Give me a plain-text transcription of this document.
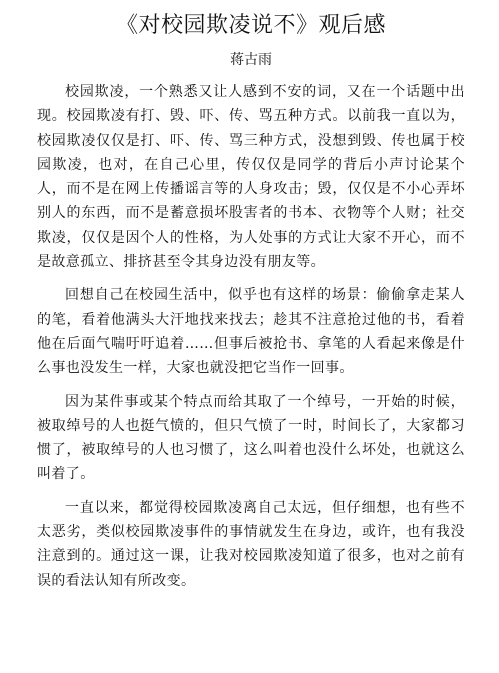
《对校园欺凌说不》观后感
蒋古雨

校园欺凌，一个熟悉又让人感到不安的词，又在一个话题中出现。校园欺凌有打、毁、吓、传、骂五种方式。以前我一直以为，校园欺凌仅仅是打、吓、传、骂三种方式，没想到毁、传也属于校园欺凌，也对，在自己心里，传仅仅是同学的背后小声讨论某个人，而不是在网上传播谣言等的人身攻击；毁，仅仅是不小心弄坏别人的东西，而不是蓄意损坏股害者的书本、衣物等个人财；社交欺凌，仅仅是因个人的性格，为人处事的方式让大家不开心，而不是故意孤立、排挤甚至令其身边没有朋友等。

回想自己在校园生活中，似乎也有这样的场景：偷偷拿走某人的笔，看着他满头大汗地找来找去；趁其不注意抢过他的书，看着他在后面气喘吁吁追着……但事后被抢书、拿笔的人看起来像是什么事也没发生一样，大家也就没把它当作一回事。

因为某件事或某个特点而给其取了一个绰号，一开始的时候，被取绰号的人也挺气愤的，但只气愤了一时，时间长了，大家都习惯了，被取绰号的人也习惯了，这么叫着也没什么坏处，也就这么叫着了。

一直以来，都觉得校园欺凌离自己太远，但仔细想，也有些不太恶劣，类似校园欺凌事件的事情就发生在身边，或许，也有我没注意到的。通过这一课，让我对校园欺凌知道了很多，也对之前有误的看法认知有所改变。
